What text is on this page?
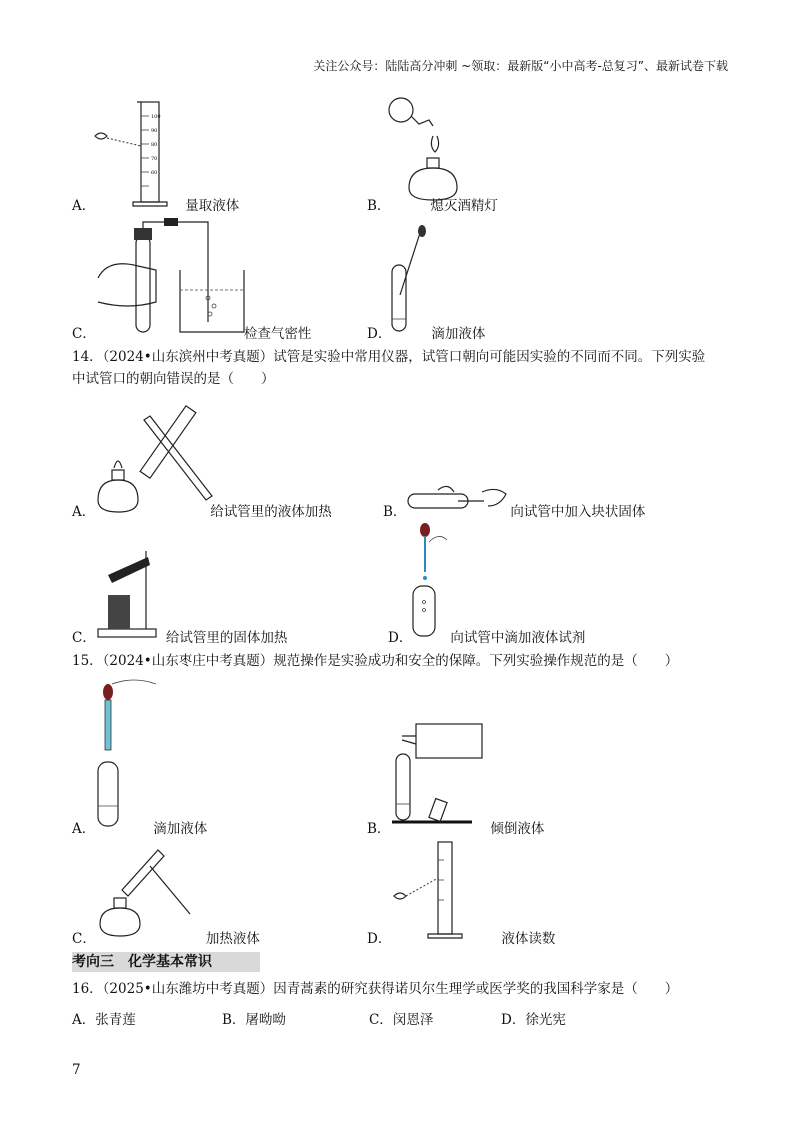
关注公众号：陆陆高分冲刺 ~领取：最新版“小中高考-总复习”、最新试卷下载
100
90
80
70
60
A．	量取液体	B．	熄灭酒精灯
C．	检查气密性	D．	滴加液体
14．（2024•山东滨州中考真题）试管是实验中常用仪器，试管口朝向可能因实验的不同而不同。下列实验
中试管口的朝向错误的是（　　）
A．	给试管里的液体加热	B．	向试管中加入块状固体
C．	给试管里的固体加热	D．	向试管中滴加液体试剂
15．（2024•山东枣庄中考真题）规范操作是实验成功和安全的保障。下列实验操作规范的是（　　）
A．	滴加液体	B．	倾倒液体
C．	加热液体	D．	液体读数
考向三　化学基本常识
16．（2025•山东潍坊中考真题）因青蒿素的研究获得诺贝尔生理学或医学奖的我国科学家是（　　）
A．张青莲	B．屠呦呦	C．闵恩泽	D．徐光宪
7
